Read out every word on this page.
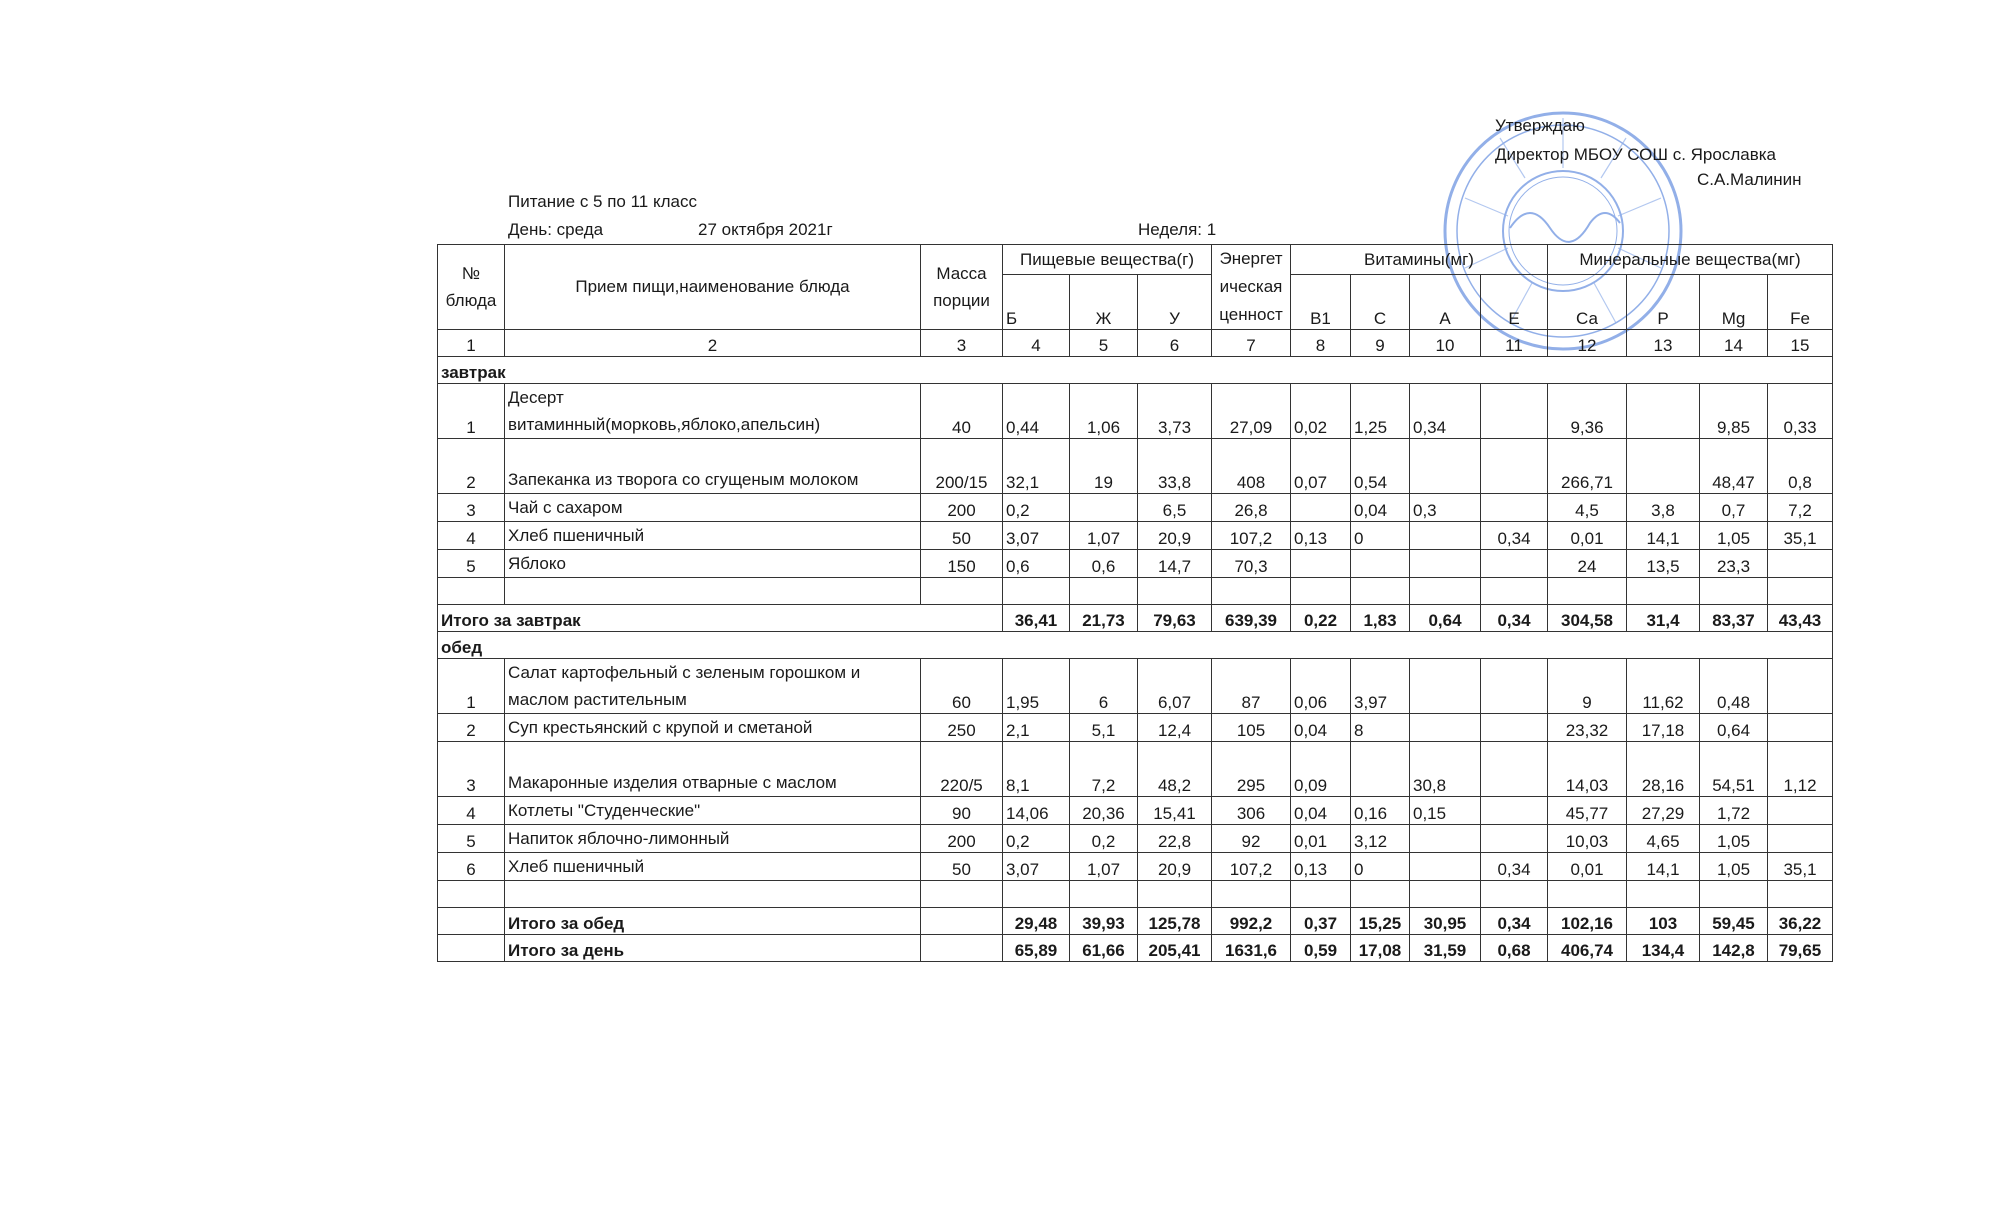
Утверждаю
Директор МБОУ СОШ с. Ярославка
С.А.Малинин
Питание с 5 по 11 класс
День: среда	27 октября 2021г	Неделя: 1
№ блюда	Прием пищи,наименование блюда	Масса порции	Пищевые вещества(г)			Энергет ическая ценност	Витамины(мг)				Минеральные вещества(мг)			
			Б	Ж	У		В1	С	А	Е	Са	Р	Mg	Fe
1	2	3	4	5	6	7	8	9	10	11	12	13	14	15
завтрак														
1	Десерт
витаминный(морковь,яблоко,апельсин)	40	0,44	1,06	3,73	27,09	0,02	1,25	0,34		9,36		9,85	0,33
2	Запеканка из творога со сгущеным молоком	200/15	32,1	19	33,8	408	0,07	0,54			266,71		48,47	0,8
3	Чай с сахаром	200	0,2		6,5	26,8		0,04	0,3		4,5	3,8	0,7	7,2
4	Хлеб пшеничный	50	3,07	1,07	20,9	107,2	0,13	0		0,34	0,01	14,1	1,05	35,1
5	Яблоко	150	0,6	0,6	14,7	70,3					24	13,5	23,3	

Итого за завтрак			36,41	21,73	79,63	639,39	0,22	1,83	0,64	0,34	304,58	31,4	83,37	43,43
обед														
1	Салат картофельный с зеленым горошком и
маслом растительным	60	1,95	6	6,07	87	0,06	3,97			9	11,62	0,48	
2	Суп крестьянский с крупой и сметаной	250	2,1	5,1	12,4	105	0,04	8			23,32	17,18	0,64	
3	Макаронные изделия отварные с маслом	220/5	8,1	7,2	48,2	295	0,09		30,8		14,03	28,16	54,51	1,12
4	Котлеты "Студенческие"	90	14,06	20,36	15,41	306	0,04	0,16	0,15		45,77	27,29	1,72	
5	Напиток яблочно-лимонный	200	0,2	0,2	22,8	92	0,01	3,12			10,03	4,65	1,05	
6	Хлеб пшеничный	50	3,07	1,07	20,9	107,2	0,13	0		0,34	0,01	14,1	1,05	35,1

	Итого за обед		29,48	39,93	125,78	992,2	0,37	15,25	30,95	0,34	102,16	103	59,45	36,22
	Итого за день		65,89	61,66	205,41	1631,6	0,59	17,08	31,59	0,68	406,74	134,4	142,8	79,65
